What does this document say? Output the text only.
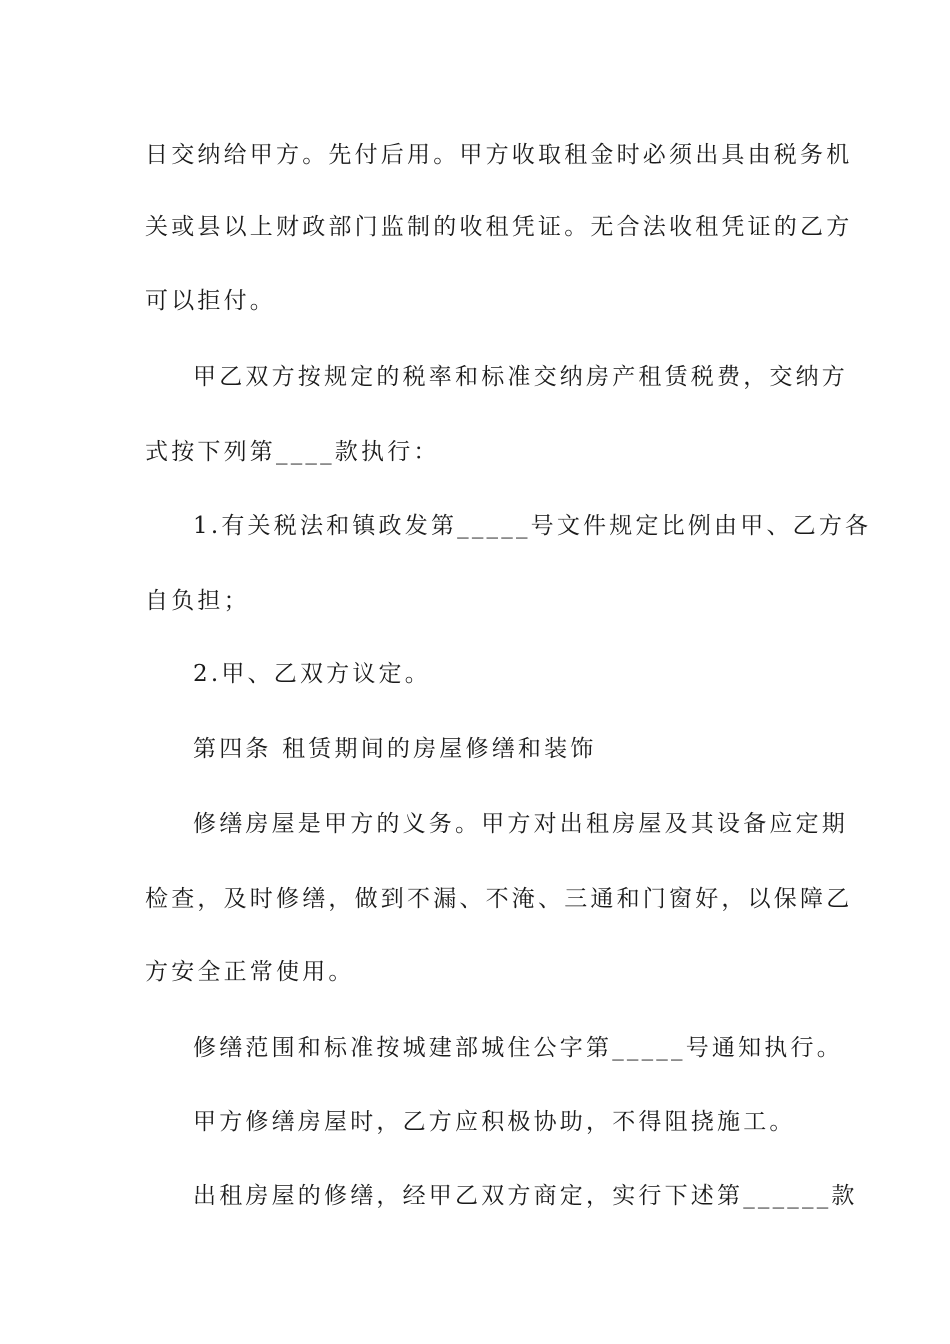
日交纳给甲方。先付后用。甲方收取租金时必须出具由税务机
关或县以上财政部门监制的收租凭证。无合法收租凭证的乙方
可以拒付。
甲乙双方按规定的税率和标准交纳房产租赁税费，交纳方
式按下列第____款执行：
1.有关税法和镇政发第_____号文件规定比例由甲、乙方各
自负担；
2.甲、乙双方议定。
第四条 租赁期间的房屋修缮和装饰
修缮房屋是甲方的义务。甲方对出租房屋及其设备应定期
检查，及时修缮，做到不漏、不淹、三通和门窗好，以保障乙
方安全正常使用。
修缮范围和标准按城建部城住公字第_____号通知执行。
甲方修缮房屋时，乙方应积极协助，不得阻挠施工。
出租房屋的修缮，经甲乙双方商定，实行下述第______款
